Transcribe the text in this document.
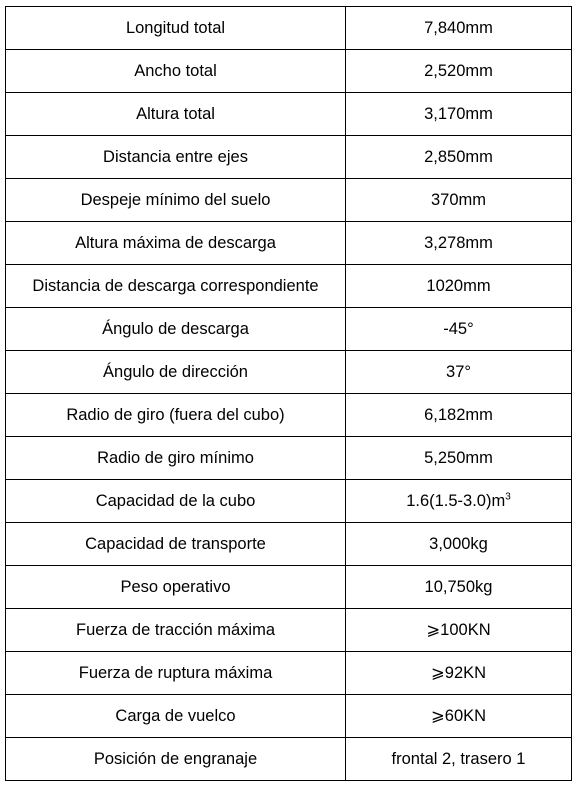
Longitud total	7,840mm
Ancho total	2,520mm
Altura total	3,170mm
Distancia entre ejes	2,850mm
Despeje mínimo del suelo	370mm
Altura máxima de descarga	3,278mm
Distancia de descarga correspondiente	1020mm
Ángulo de descarga	-45°
Ángulo de dirección	37°
Radio de giro (fuera del cubo)	6,182mm
Radio de giro mínimo	5,250mm
Capacidad de la cubo	$1.6(1.5-3.0)m^3$
Capacidad de transporte	3,000kg
Peso operativo	10,750kg
Fuerza de tracción máxima	⩾100KN
Fuerza de ruptura máxima	⩾92KN
Carga de vuelco	⩾60KN
Posición de engranaje	frontal 2, trasero 1
